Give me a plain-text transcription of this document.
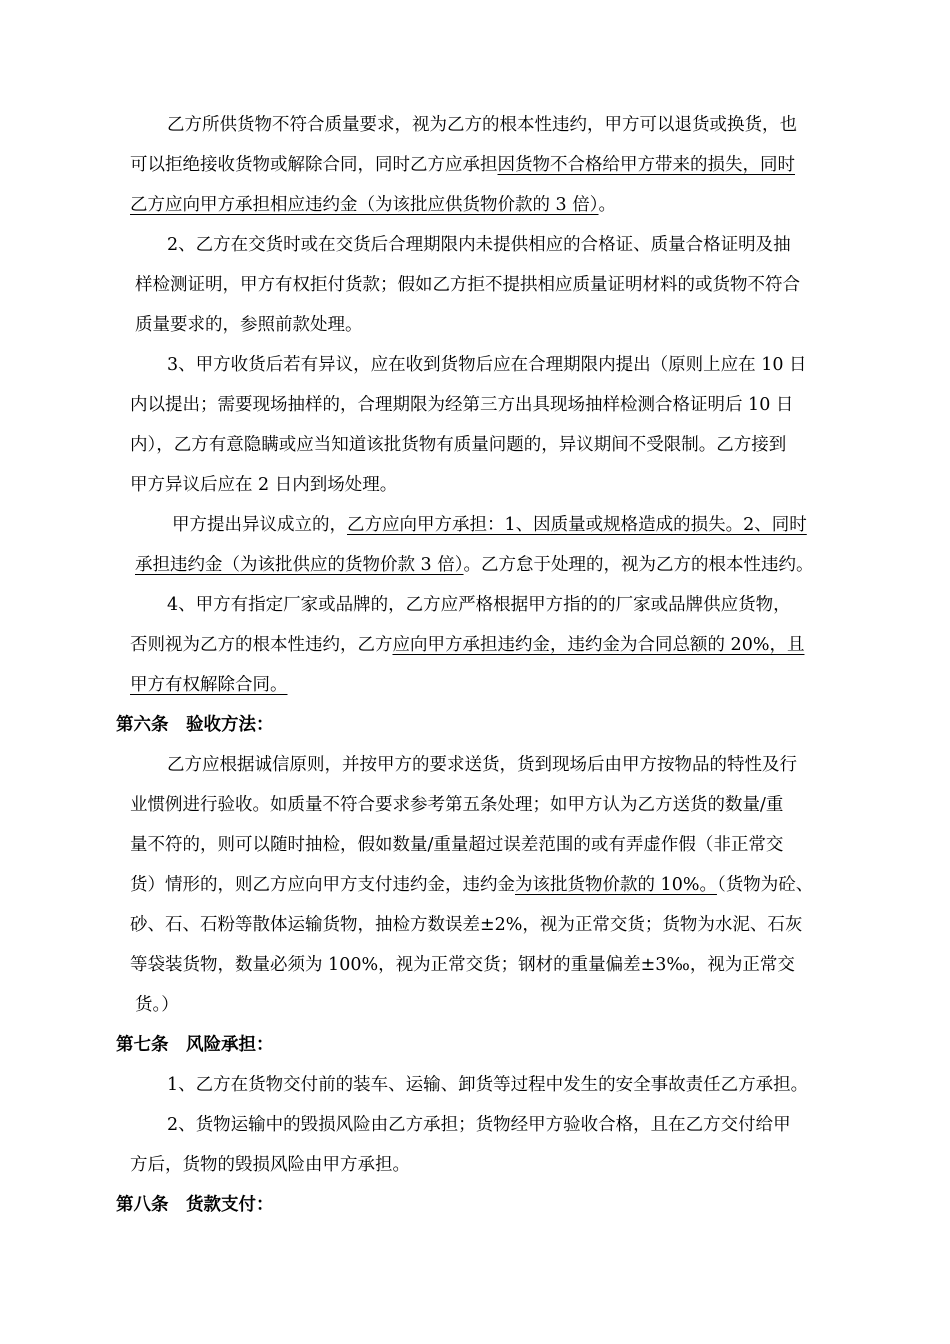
乙方所供货物不符合质量要求，视为乙方的根本性违约，甲方可以退货或换货，也
可以拒绝接收货物或解除合同，同时乙方应承担因货物不合格给甲方带来的损失，同时
乙方应向甲方承担相应违约金（为该批应供货物价款的 3 倍）。
2、乙方在交货时或在交货后合理期限内未提供相应的合格证、质量合格证明及抽
样检测证明，甲方有权拒付货款；假如乙方拒不提拱相应质量证明材料的或货物不符合
质量要求的，参照前款处理。
3、甲方收货后若有异议，应在收到货物后应在合理期限内提出（原则上应在 10 日
内以提出；需要现场抽样的，合理期限为经第三方出具现场抽样检测合格证明后 10 日
内），乙方有意隐瞒或应当知道该批货物有质量问题的，异议期间不受限制。乙方接到
甲方异议后应在 2 日内到场处理。
甲方提出异议成立的，乙方应向甲方承担：1、因质量或规格造成的损失。2、同时
承担违约金（为该批供应的货物价款 3 倍）。乙方怠于处理的，视为乙方的根本性违约。
4、甲方有指定厂家或品牌的，乙方应严格根据甲方指的的厂家或品牌供应货物，
否则视为乙方的根本性违约，乙方应向甲方承担违约金，违约金为合同总额的 20%，且
甲方有权解除合同。
第六条　验收方法：
乙方应根据诚信原则，并按甲方的要求送货，货到现场后由甲方按物品的特性及行
业惯例进行验收。如质量不符合要求参考第五条处理；如甲方认为乙方送货的数量/重
量不符的，则可以随时抽检，假如数量/重量超过误差范围的或有弄虚作假（非正常交
货）情形的，则乙方应向甲方支付违约金，违约金为该批货物价款的 10%。（货物为砼、
砂、石、石粉等散体运输货物，抽检方数误差±2%，视为正常交货；货物为水泥、石灰
等袋装货物，数量必须为 100%，视为正常交货；钢材的重量偏差±3‰，视为正常交
货。）
第七条　风险承担：
1、乙方在货物交付前的装车、运输、卸货等过程中发生的安全事故责任乙方承担。
2、货物运输中的毁损风险由乙方承担；货物经甲方验收合格，且在乙方交付给甲
方后，货物的毁损风险由甲方承担。
第八条　货款支付：
